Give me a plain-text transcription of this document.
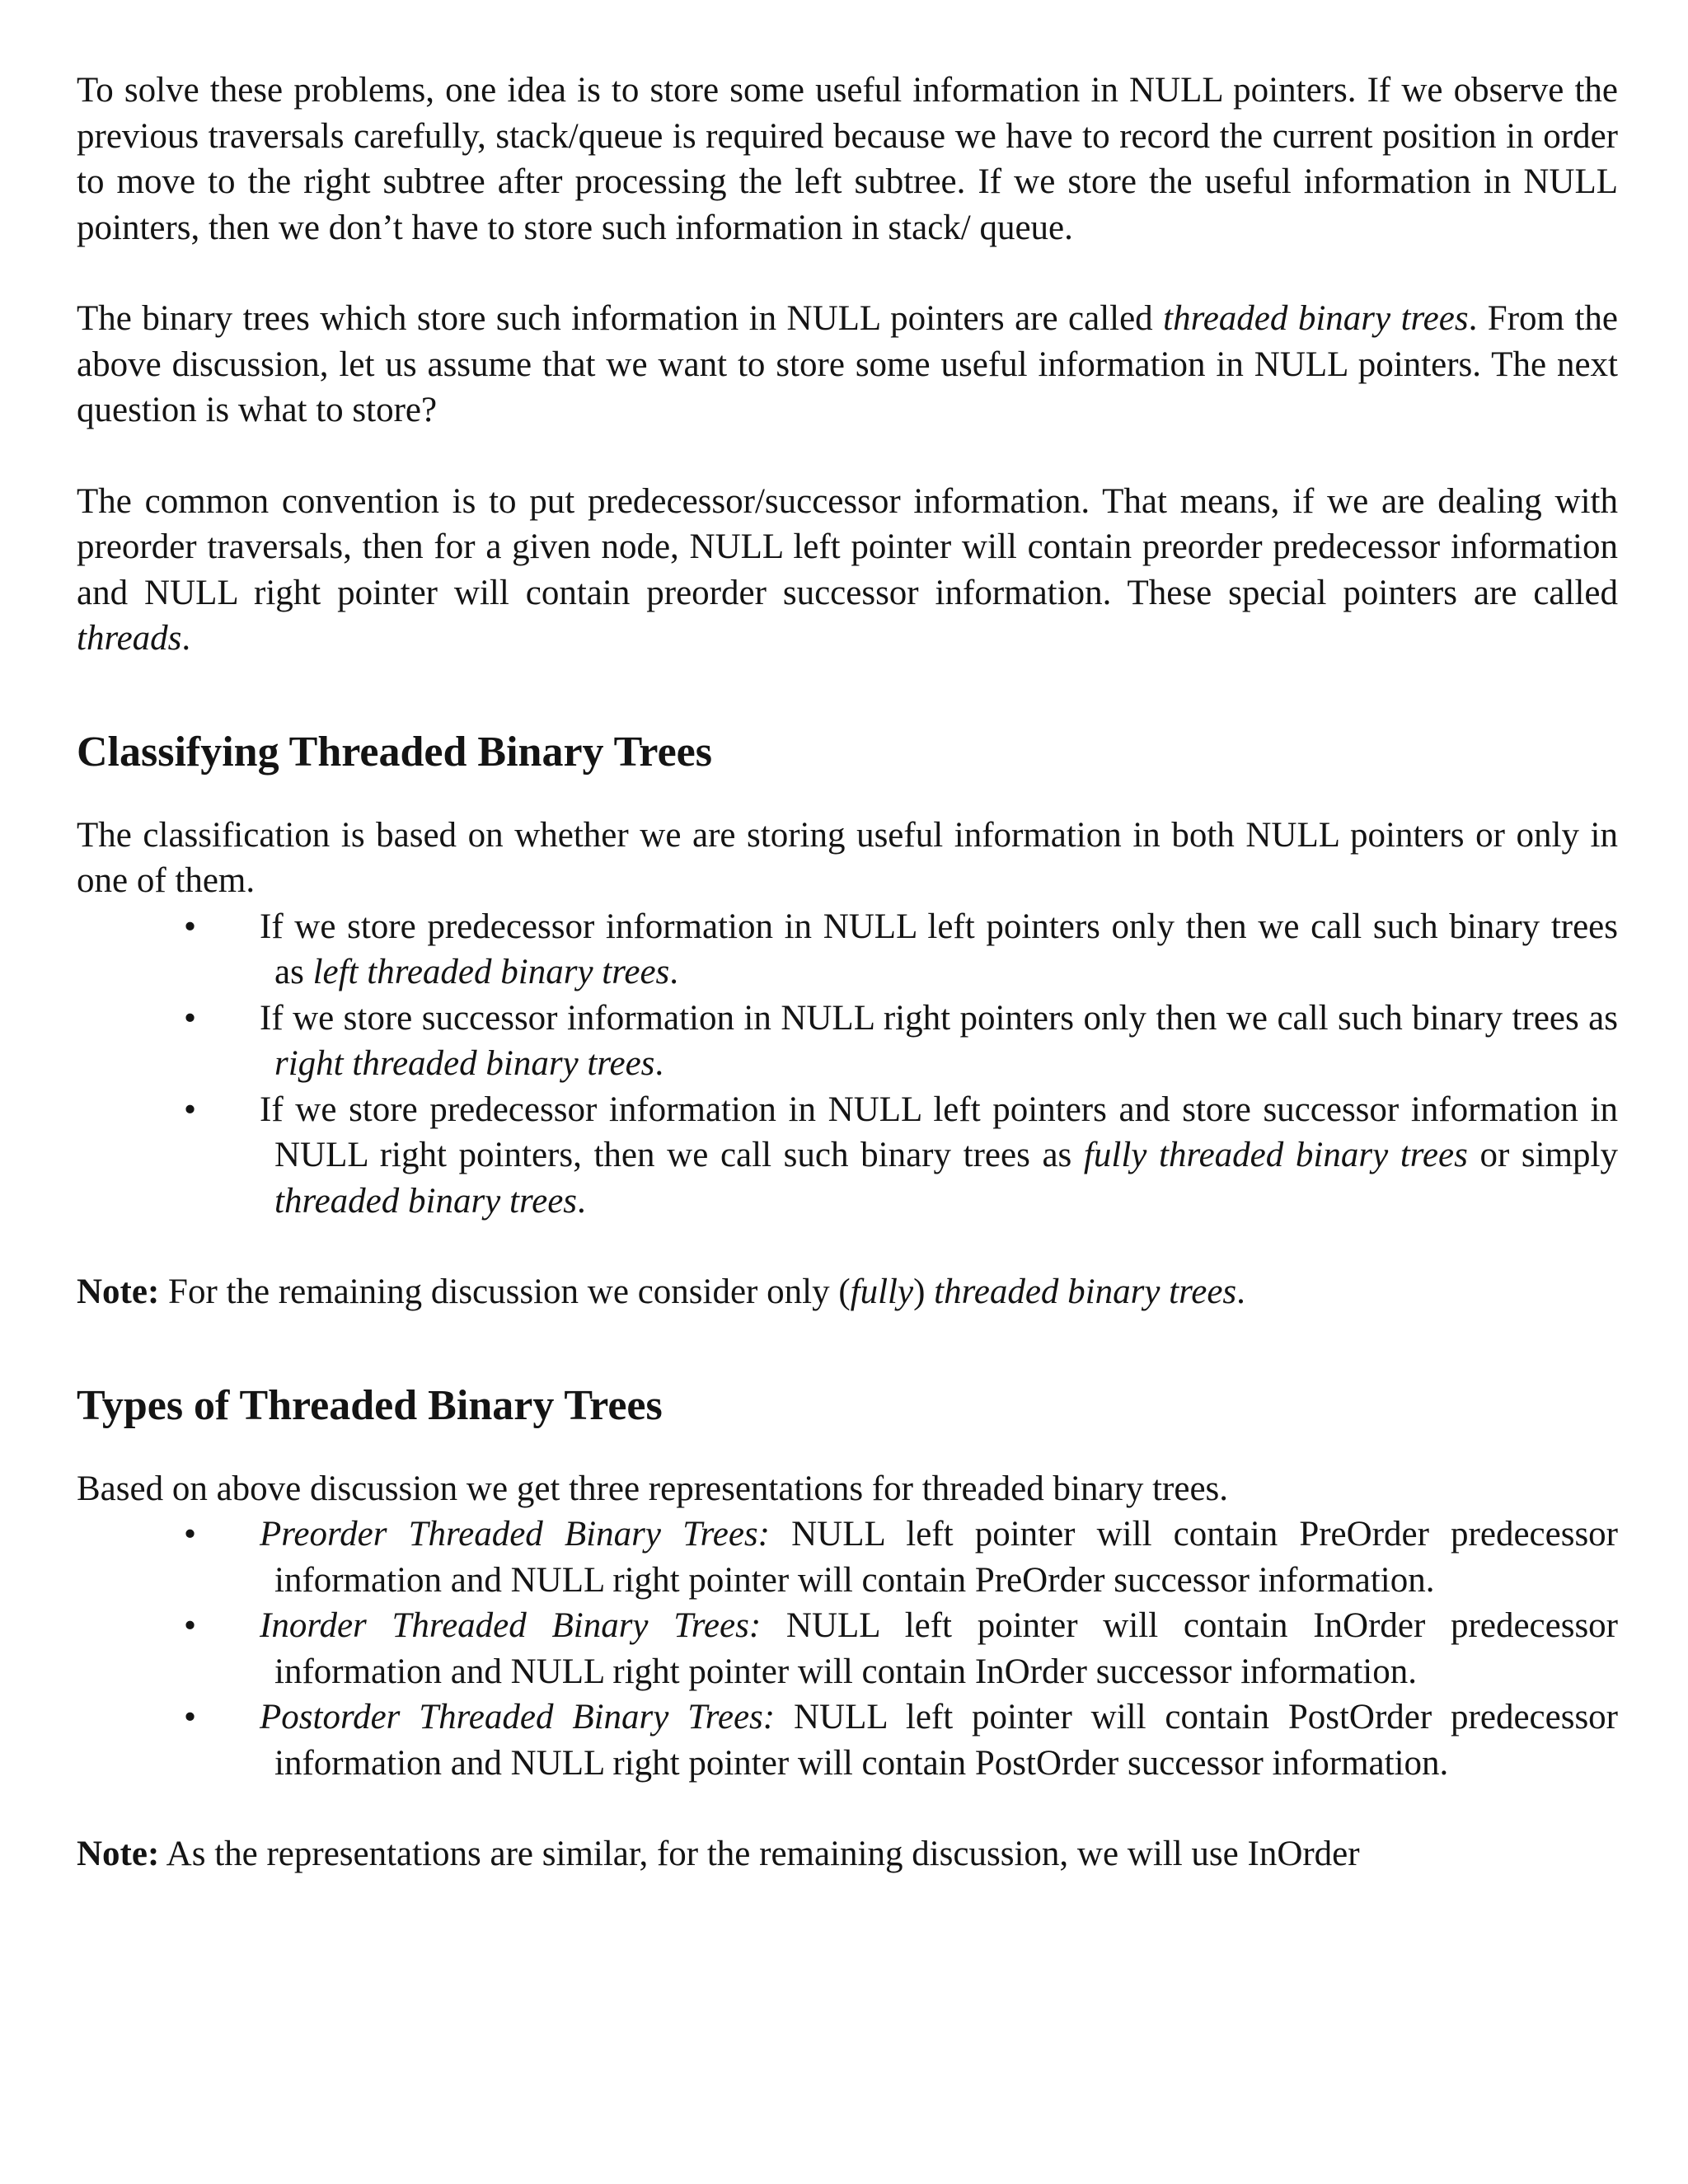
To solve these problems, one idea is to store some useful information in NULL pointers. If we observe the previous traversals carefully, stack/queue is required because we have to record the current position in order to move to the right subtree after processing the left subtree. If we store the useful information in NULL pointers, then we don’t have to store such information in stack/ queue.

The binary trees which store such information in NULL pointers are called threaded binary trees. From the above discussion, let us assume that we want to store some useful information in NULL pointers. The next question is what to store?

The common convention is to put predecessor/successor information. That means, if we are dealing with preorder traversals, then for a given node, NULL left pointer will contain preorder predecessor information and NULL right pointer will contain preorder successor information. These special pointers are called threads.

Classifying Threaded Binary Trees

The classification is based on whether we are storing useful information in both NULL pointers or only in one of them.

• If we store predecessor information in NULL left pointers only then we call such binary trees as left threaded binary trees.
• If we store successor information in NULL right pointers only then we call such binary trees as right threaded binary trees.
• If we store predecessor information in NULL left pointers and store successor information in NULL right pointers, then we call such binary trees as fully threaded binary trees or simply threaded binary trees.

Note: For the remaining discussion we consider only (fully) threaded binary trees.

Types of Threaded Binary Trees

Based on above discussion we get three representations for threaded binary trees.

• Preorder Threaded Binary Trees: NULL left pointer will contain PreOrder predecessor information and NULL right pointer will contain PreOrder successor information.
• Inorder Threaded Binary Trees: NULL left pointer will contain InOrder predecessor information and NULL right pointer will contain InOrder successor information.
• Postorder Threaded Binary Trees: NULL left pointer will contain PostOrder predecessor information and NULL right pointer will contain PostOrder successor information.

Note: As the representations are similar, for the remaining discussion, we will use InOrder
